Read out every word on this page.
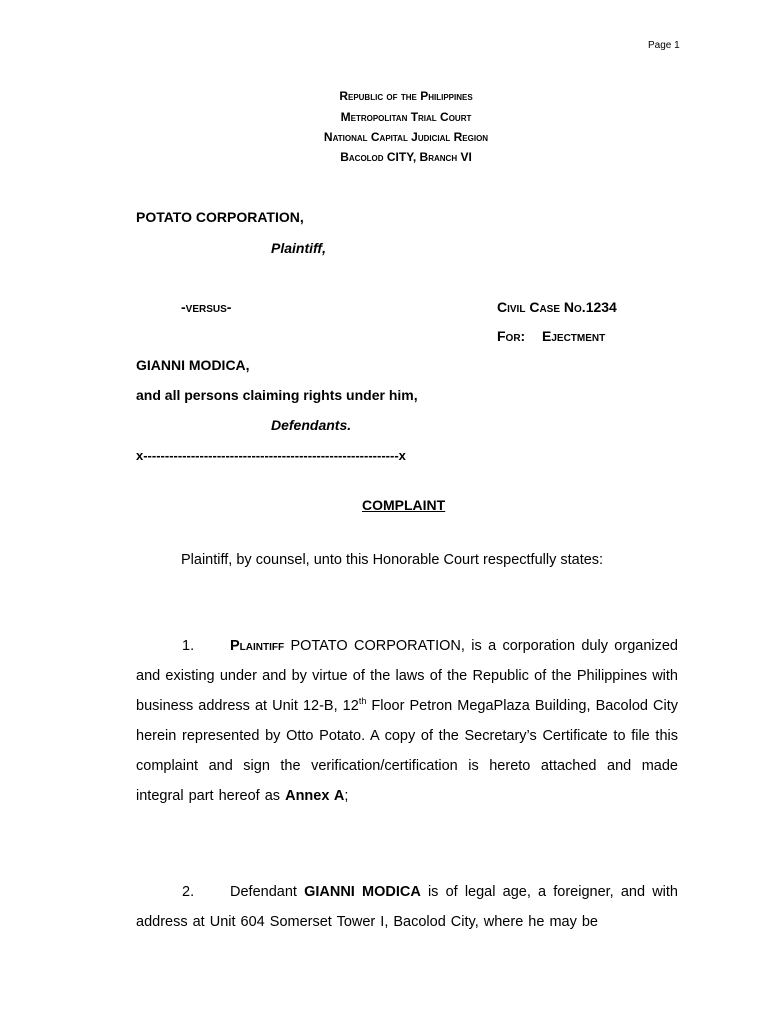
Page 1
Republic of the Philippines
Metropolitan Trial Court
National Capital Judicial Region
Bacolod CITY, Branch VI
POTATO CORPORATION,
Plaintiff,
-versus-	Civil Case No.1234
For: Ejectment
GIANNI MODICA,
and all persons claiming rights under him,
Defendants.
x-----------------------------------------------------------x
COMPLAINT
Plaintiff, by counsel, unto this Honorable Court respectfully states:
1. Plaintiff POTATO CORPORATION, is a corporation duly organized and existing under and by virtue of the laws of the Republic of the Philippines with business address at Unit 12-B, 12th Floor Petron MegaPlaza Building, Bacolod City herein represented by Otto Potato. A copy of the Secretary’s Certificate to file this complaint and sign the verification/certification is hereto attached and made integral part hereof as Annex A;
2. Defendant GIANNI MODICA is of legal age, a foreigner, and with address at Unit 604 Somerset Tower I, Bacolod City, where he may be
